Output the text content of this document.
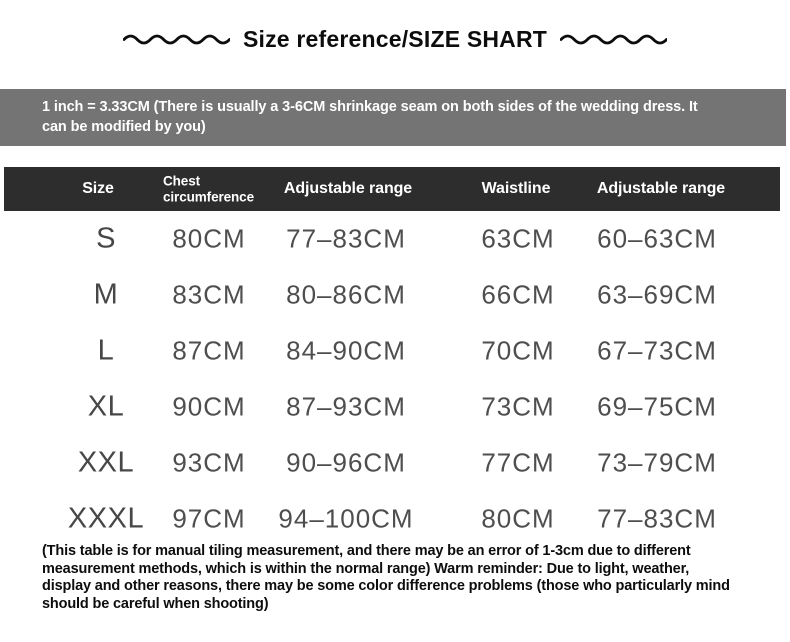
Size reference/SIZE SHART
1 inch = 3.33CM (There is usually a 3-6CM shrinkage seam on both sides of the wedding dress. It
can be modified by you)
Size	Chest circumference	Adjustable range	Waistline	Adjustable range
S 80CM 77–83CM	63CM 60–63CM
M 83CM 80–86CM	66CM 63–69CM
L 87CM 84–90CM	70CM 67–73CM
XL 90CM 87–93CM	73CM 69–75CM
XXL 93CM 90–96CM	77CM 73–79CM
XXXL 97CM 94–100CM	80CM 77–83CM
(This table is for manual tiling measurement, and there may be an error of 1-3cm due to different
measurement methods, which is within the normal range) Warm reminder: Due to light, weather,
display and other reasons, there may be some color difference problems (those who particularly mind
should be careful when shooting)
